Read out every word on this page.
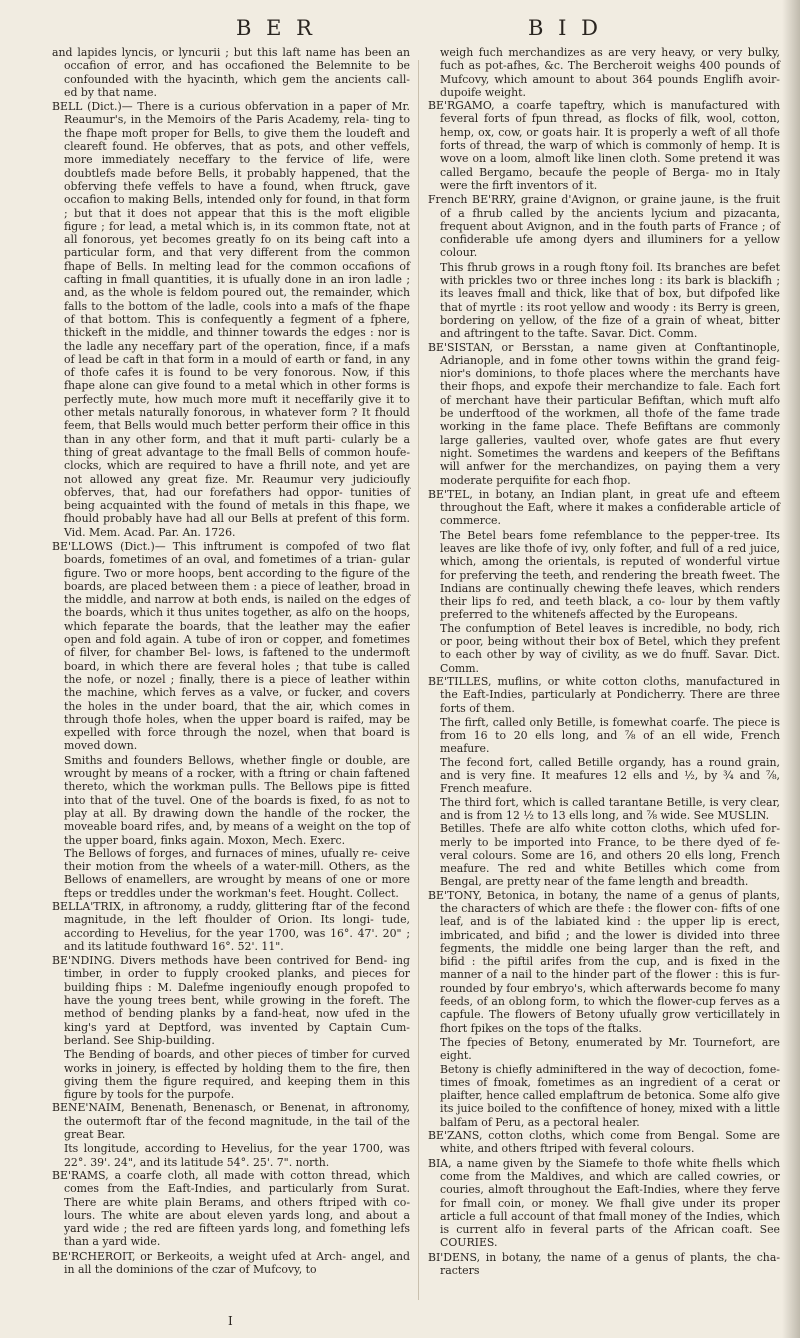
B E R	B I D

and lapides lyncis, or lyncurii ; but this laft name has been an occafion of error, and has occafioned the Belemnite to be confounded with the hyacinth, which gem the ancients call- ed by that name.

BELL (Dict.)— There is a curious obfervation in a paper of Mr. Reaumur's, in the Memoirs of the Paris Academy, rela- ting to the fhape moft proper for Bells, to give them the loudeft and cleareft found. He obferves, that as pots, and other veffels, more immediately neceffary to the fervice of life, were doubtlefs made before Bells, it probably happened, that the obferving thefe veffels to have a found, when ftruck, gave occafion to making Bells, intended only for found, in that form ; but that it does not appear that this is the moft eligible figure ; for lead, a metal which is, in its common ftate, not at all fonorous, yet becomes greatly fo on its being caft into a particular form, and that very different from the common fhape of Bells. In melting lead for the common occafions of cafting in fmall quantities, it is ufually done in an iron ladle ; and, as the whole is feldom poured out, the remainder, which falls to the bottom of the ladle, cools into a mafs of the fhape of that bottom. This is confequently a fegment of a fphere, thickeft in the middle, and thinner towards the edges : nor is the ladle any neceffary part of the operation, fince, if a mafs of lead be caft in that form in a mould of earth or fand, in any of thofe cafes it is found to be very fonorous. Now, if this fhape alone can give found to a metal which in other forms is perfectly mute, how much more muft it neceffarily give it to other metals naturally fonorous, in whatever form ? It fhould feem, that Bells would much better perform their office in this than in any other form, and that it muft parti- cularly be a thing of great advantage to the fmall Bells of common houfe-clocks, which are required to have a fhrill note, and yet are not allowed any great fize. Mr. Reaumur very judicioufly obferves, that, had our forefathers had oppor- tunities of being acquainted with the found of metals in this fhape, we fhould probably have had all our Bells at prefent of this form. Vid. Mem. Acad. Par. An. 1726.

BE'LLOWS (Dict.)— This inftrument is compofed of two flat boards, fometimes of an oval, and fometimes of a trian- gular figure. Two or more hoops, bent according to the figure of the boards, are placed between them : a piece of leather, broad in the middle, and narrow at both ends, is nailed on the edges of the boards, which it thus unites together, as alfo on the hoops, which feparate the boards, that the leather may the eafier open and fold again. A tube of iron or copper, and fometimes of filver, for chamber Bel- lows, is faftened to the undermoft board, in which there are feveral holes ; that tube is called the nofe, or nozel ; finally, there is a piece of leather within the machine, which ferves as a valve, or fucker, and covers the holes in the under board, that the air, which comes in through thofe holes, when the upper board is raifed, may be expelled with force through the nozel, when that board is moved down.

Smiths and founders Bellows, whether fingle or double, are wrought by means of a rocker, with a ftring or chain faftened thereto, which the workman pulls. The Bellows pipe is fitted into that of the tuvel. One of the boards is fixed, fo as not to play at all. By drawing down the handle of the rocker, the moveable board rifes, and, by means of a weight on the top of the upper board, finks again. Moxon, Mech. Exerc.

The Bellows of forges, and furnaces of mines, ufually re- ceive their motion from the wheels of a water-mill. Others, as the Bellows of enamellers, are wrought by means of one or more fteps or treddles under the workman's feet. Hought. Collect.

BELLA'TRIX, in aftronomy, a ruddy, glittering ftar of the fecond magnitude, in the left fhoulder of Orion. Its longi- tude, according to Hevelius, for the year 1700, was 16°. 47'. 20" ; and its latitude fouthward 16°. 52'. 11".

BE'NDING. Divers methods have been contrived for Bend- ing timber, in order to fupply crooked planks, and pieces for building fhips : M. Dalefme ingenioufly enough propofed to have the young trees bent, while growing in the foreft. The method of bending planks by a fand-heat, now ufed in the king's yard at Deptford, was invented by Captain Cum- berland. See Ship-building.

The Bending of boards, and other pieces of timber for curved works in joinery, is effected by holding them to the fire, then giving them the figure required, and keeping them in this figure by tools for the purpofe.

BENE'NAIM, Benenath, Benenasch, or Benenat, in aftronomy, the outermoft ftar of the fecond magnitude, in the tail of the great Bear.

Its longitude, according to Hevelius, for the year 1700, was 22°. 39'. 24", and its latitude 54°. 25'. 7". north.

BE'RAMS, a coarfe cloth, all made with cotton thread, which comes from the Eaft-Indies, and particularly from Surat. There are white plain Berams, and others ftriped with co- lours. The white are about eleven yards long, and about a yard wide ; the red are fifteen yards long, and fomething lefs than a yard wide.

BE'RCHEROIT, or Berkeoits, a weight ufed at Arch- angel, and in all the dominions of the czar of Mufcovy, to

weigh fuch merchandizes as are very heavy, or very bulky, fuch as pot-afhes, &c. The Bercheroit weighs 400 pounds of Mufcovy, which amount to about 364 pounds Englifh avoir- dupoife weight.

BE'RGAMO, a coarfe tapeftry, which is manufactured with feveral forts of fpun thread, as flocks of filk, wool, cotton, hemp, ox, cow, or goats hair. It is properly a weft of all thofe forts of thread, the warp of which is commonly of hemp. It is wove on a loom, almoft like linen cloth. Some pretend it was called Bergamo, becaufe the people of Berga- mo in Italy were the firft inventors of it.

French BE'RRY, graine d'Avignon, or graine jaune, is the fruit of a fhrub called by the ancients lycium and pizacanta, frequent about Avignon, and in the fouth parts of France ; of confiderable ufe among dyers and illuminers for a yellow colour.

This fhrub grows in a rough ftony foil. Its branches are befet with prickles two or three inches long : its bark is blackifh ; its leaves fmall and thick, like that of box, but difpofed like that of myrtle : its root yellow and woody : its Berry is green, bordering on yellow, of the fize of a grain of wheat, bitter and aftringent to the tafte. Savar. Dict. Comm.

BE'SISTAN, or Bersstan, a name given at Conftantinople, Adrianople, and in fome other towns within the grand feig- nior's dominions, to thofe places where the merchants have their fhops, and expofe their merchandize to fale. Each fort of merchant have their particular Befiftan, which muft alfo be underftood of the workmen, all thofe of the fame trade working in the fame place. Thefe Befiftans are commonly large galleries, vaulted over, whofe gates are fhut every night. Sometimes the wardens and keepers of the Befiftans will anfwer for the merchandizes, on paying them a very moderate perquifite for each fhop.

BE'TEL, in botany, an Indian plant, in great ufe and efteem throughout the Eaft, where it makes a confiderable article of commerce.

The Betel bears fome refemblance to the pepper-tree. Its leaves are like thofe of ivy, only fofter, and full of a red juice, which, among the orientals, is reputed of wonderful virtue for preferving the teeth, and rendering the breath fweet. The Indians are continually chewing thefe leaves, which renders their lips fo red, and teeth black, a co- lour by them vaftly preferred to the whitenefs affected by the Europeans.

The confumption of Betel leaves is incredible, no body, rich or poor, being without their box of Betel, which they prefent to each other by way of civility, as we do fnuff. Savar. Dict. Comm.

BE'TILLES, muflins, or white cotton cloths, manufactured in the Eaft-Indies, particularly at Pondicherry. There are three forts of them.

The firft, called only Betille, is fomewhat coarfe. The piece is from 16 to 20 ells long, and ⅞ of an ell wide, French meafure.

The fecond fort, called Betille organdy, has a round grain, and is very fine. It meafures 12 ells and ½, by ¾ and ⅞, French meafure.

The third fort, which is called tarantane Betille, is very clear, and is from 12 ½ to 13 ells long, and ⅞ wide. See MUSLIN.

Betilles. Thefe are alfo white cotton cloths, which ufed for- merly to be imported into France, to be there dyed of fe- veral colours. Some are 16, and others 20 ells long, French meafure. The red and white Betilles which come from Bengal, are pretty near of the fame length and breadth.

BE'TONY, Betonica, in botany, the name of a genus of plants, the characters of which are thefe : the flower con- fifts of one leaf, and is of the labiated kind : the upper lip is erect, imbricated, and bifid ; and the lower is divided into three fegments, the middle one being larger than the reft, and bifid : the piftil arifes from the cup, and is fixed in the manner of a nail to the hinder part of the flower : this is fur- rounded by four embryo's, which afterwards become fo many feeds, of an oblong form, to which the flower-cup ferves as a capfule. The flowers of Betony ufually grow verticillately in fhort fpikes on the tops of the ftalks.

The fpecies of Betony, enumerated by Mr. Tournefort, are eight.

Betony is chiefly adminiftered in the way of decoction, fome- times of fmoak, fometimes as an ingredient of a cerat or plaifter, hence called emplaftrum de betonica. Some alfo give its juice boiled to the confiftence of honey, mixed with a little balfam of Peru, as a pectoral healer.

BE'ZANS, cotton cloths, which come from Bengal. Some are white, and others ftriped with feveral colours.

BIA, a name given by the Siamefe to thofe white fhells which come from the Maldives, and which are called cowries, or couries, almoft throughout the Eaft-Indies, where they ferve for fmall coin, or money. We fhall give under its proper article a full account of that fmall money of the Indies, which is current alfo in feveral parts of the African coaft. See COURIES.

BI'DENS, in botany, the name of a genus of plants, the cha- racters

I
